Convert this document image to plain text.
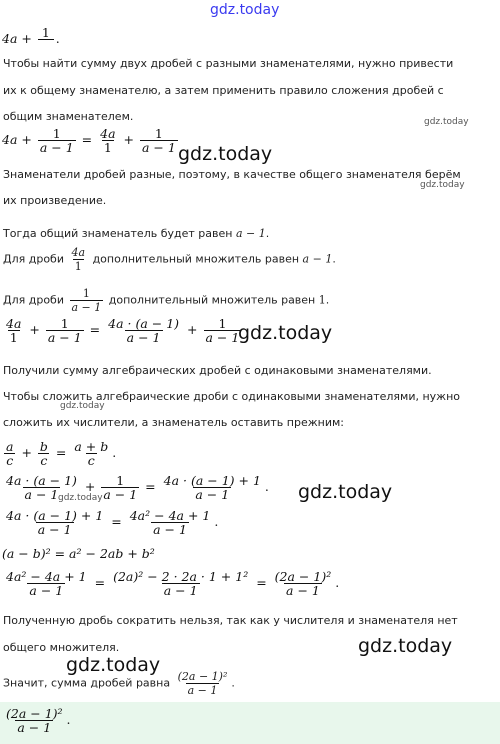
gdz.today
gdz.today
gdz.today
gdz.today
gdz.today
gdz.today
gdz.today
gdz.today
gdz.today
gdz.today
4a + 1
.
Чтобы найти сумму двух дробей с разными знаменателями, нужно привести
их к общему знаменателю, а затем применить правило сложения дробей с
общим знаменателем.
$4a + \frac{1}{a - 1} = \frac{4a}{1} + \frac{1}{a - 1}$
Знаменатели дробей разные, поэтому, в качестве общего знаменателя берём
их произведение.
Тогда общий знаменатель будет равен a − 1.
Для дроби $\frac{4a}{1}$ дополнительный множитель равен a − 1.
Для дроби $\frac{1}{a - 1}$ дополнительный множитель равен 1.
$\frac{4a}{1} + \frac{1}{a - 1} = \frac{4a \cdot (a - 1)}{a - 1} + \frac{1}{a - 1}$
Получили сумму алгебраических дробей с одинаковыми знаменателями.
Чтобы сложить алгебраические дроби с одинаковыми знаменателями, нужно
сложить их числители, а знаменатель оставить прежним:
$\frac{a}{c} + \frac{b}{c} = \frac{a + b}{c}$ .
$\frac{4a \cdot (a - 1)}{a - 1} + \frac{1}{a - 1} = \frac{4a \cdot (a - 1) + 1}{a - 1}$ .
$\frac{4a \cdot (a - 1) + 1}{a - 1} = \frac{\text{4a² − 4a + 1}}{a - 1}$ .
(a − b)² = a² − 2ab + b²
$\frac{\text{4a² − 4a + 1}}{a - 1} = \frac{\text{(2a)² − 2 · 2a · 1 + 1²}}{a - 1} = \frac{\text{(2a − 1)²}}{a - 1}$ .
Полученную дробь сократить нельзя, так как у числителя и знаменателя нет
общего множителя.
Значит, сумма дробей равна $\frac{\text{(2a − 1)²}}{a - 1}$ .
$\frac{\text{(2a − 1)²}}{a - 1}$ .
